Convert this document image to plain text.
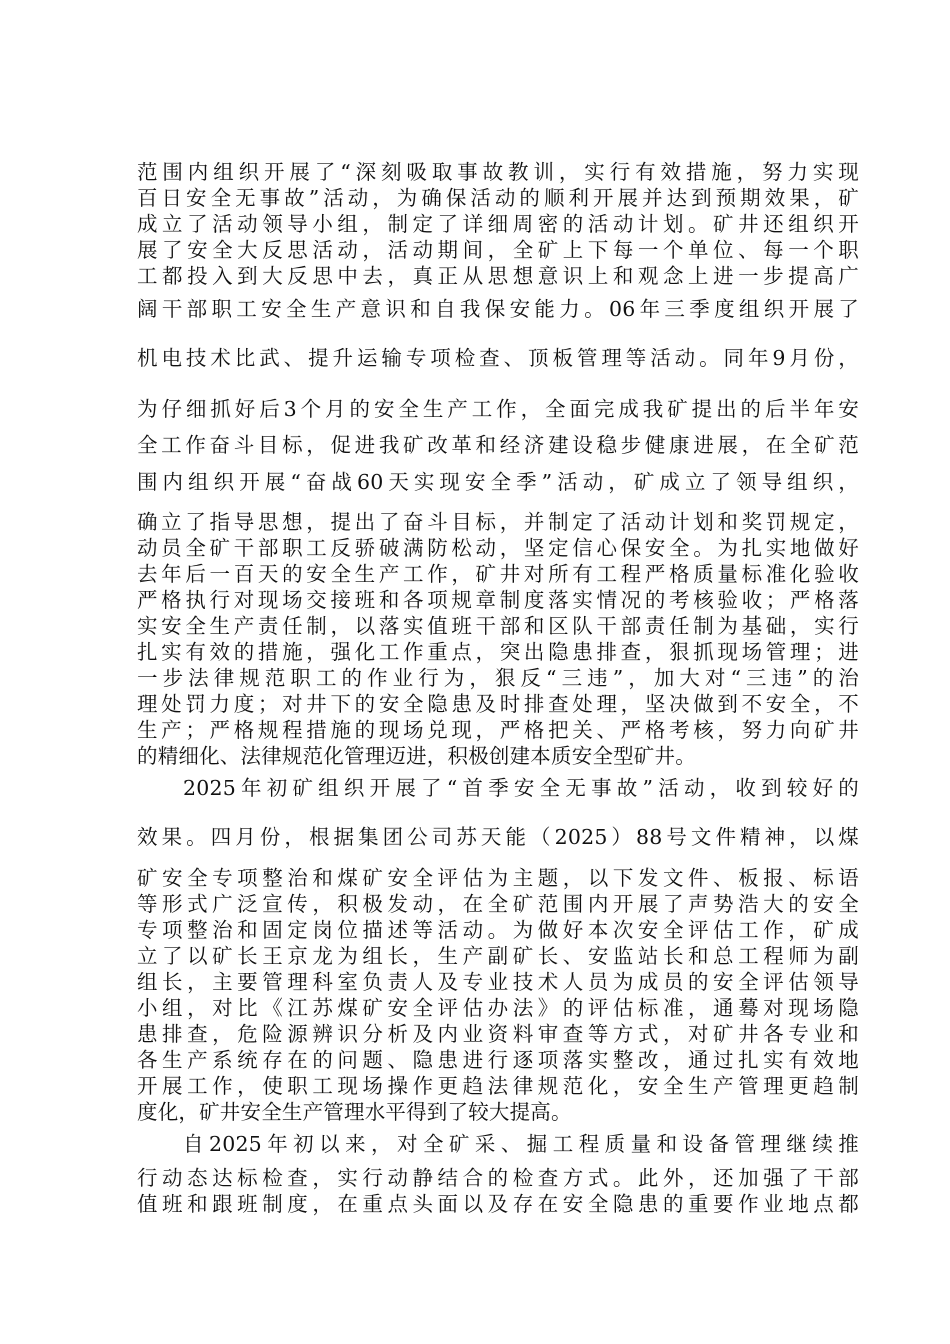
范围内组织开展了“深刻吸取事故教训，实行有效措施，努力实现

百日安全无事故”活动，为确保活动的顺利开展并达到预期效果，矿

成立了活动领导小组，制定了详细周密的活动计划。矿井还组织开

展了安全大反思活动，活动期间，全矿上下每一个单位、每一个职

工都投入到大反思中去，真正从思想意识上和观念上进一步提高广

阔干部职工安全生产意识和自我保安能力。06年三季度组织开展了

机电技术比武、提升运输专项检查、顶板管理等活动。同年9月份，

为仔细抓好后3个月的安全生产工作，全面完成我矿提出的后半年安

全工作奋斗目标，促进我矿改革和经济建设稳步健康进展，在全矿范

围内组织开展“奋战60天实现安全季”活动，矿成立了领导组织，

确立了指导思想，提出了奋斗目标，并制定了活动计划和奖罚规定，

动员全矿干部职工反骄破满防松动，坚定信心保安全。为扎实地做好

去年后一百天的安全生产工作，矿井对所有工程严格质量标准化验收

严格执行对现场交接班和各项规章制度落实情况的考核验收；严格落

实安全生产责任制，以落实值班干部和区队干部责任制为基础，实行

扎实有效的措施，强化工作重点，突出隐患排查，狠抓现场管理；进

一步法律规范职工的作业行为，狠反“三违”，加大对“三违”的治

理处罚力度；对井下的安全隐患及时排查处理，坚决做到不安全，不

生产；严格规程措施的现场兑现，严格把关、严格考核，努力向矿井

的精细化、法律规范化管理迈进，积极创建本质安全型矿井。

2025年初矿组织开展了“首季安全无事故”活动，收到较好的

效果。四月份，根据集团公司苏天能（2025）88号文件精神，以煤

矿安全专项整治和煤矿安全评估为主题，以下发文件、板报、标语

等形式广泛宣传，积极发动，在全矿范围内开展了声势浩大的安全

专项整治和固定岗位描述等活动。为做好本次安全评估工作，矿成

立了以矿长王京龙为组长，生产副矿长、安监站长和总工程师为副

组长，主要管理科室负责人及专业技术人员为成员的安全评估领导

小组，对比《江苏煤矿安全评估办法》的评估标准，通蓦对现场隐

患排查，危险源辨识分析及内业资料审查等方式，对矿井各专业和

各生产系统存在的问题、隐患进行逐项落实整改，通过扎实有效地

开展工作，使职工现场操作更趋法律规范化，安全生产管理更趋制

度化，矿井安全生产管理水平得到了较大提高。

自2025年初以来，对全矿采、掘工程质量和设备管理继续推

行动态达标检查，实行动静结合的检查方式。此外，还加强了干部

值班和跟班制度，在重点头面以及存在安全隐患的重要作业地点都
